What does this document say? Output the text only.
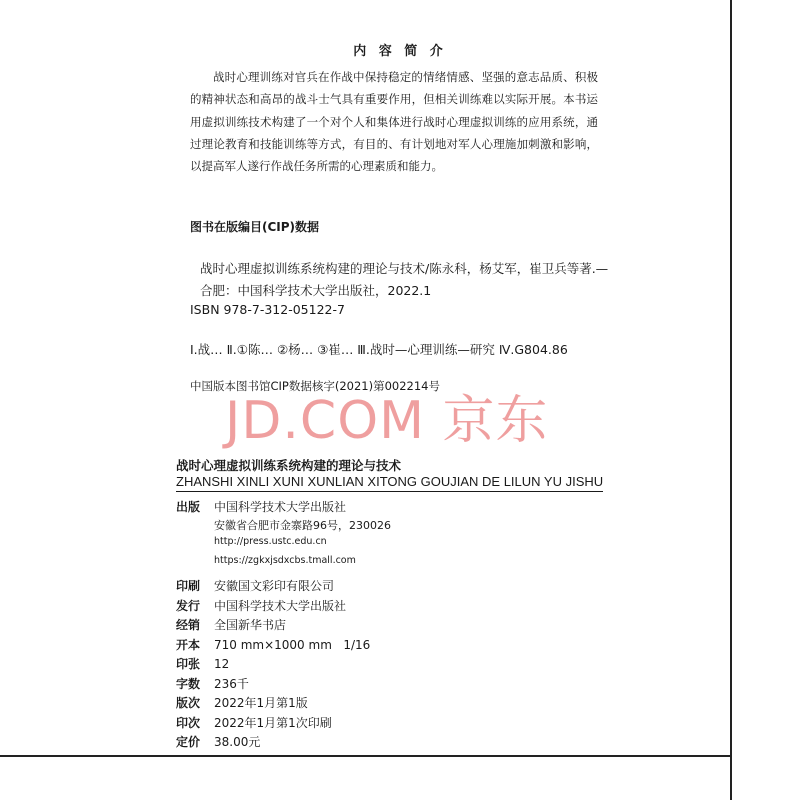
内 容 简 介
战时心理训练对官兵在作战中保持稳定的情绪情感、坚强的意志品质、积极的精神状态和高昂的战斗士气具有重要作用，但相关训练难以实际开展。本书运用虚拟训练技术构建了一个对个人和集体进行战时心理虚拟训练的应用系统，通过理论教育和技能训练等方式，有目的、有计划地对军人心理施加刺激和影响，以提高军人遂行作战任务所需的心理素质和能力。
图书在版编目(CIP)数据
战时心理虚拟训练系统构建的理论与技术/陈永科，杨艾军，崔卫兵等著.—合肥：中国科学技术大学出版社，2022.1
ISBN 978-7-312-05122-7
Ⅰ.战… Ⅱ.①陈… ②杨… ③崔… Ⅲ.战时—心理训练—研究 Ⅳ.G804.86
中国版本图书馆CIP数据核字(2021)第002214号
JD.COM 京东
战时心理虚拟训练系统构建的理论与技术
ZHANSHI XINLI XUNI XUNLIAN XITONG GOUJIAN DE LILUN YU JISHU
出版	中国科学技术大学出版社
安徽省合肥市金寨路96号，230026
http://press.ustc.edu.cn
https://zgkxjsdxcbs.tmall.com
印刷	安徽国文彩印有限公司
发行	中国科学技术大学出版社
经销	全国新华书店
开本	710 mm×1000 mm   1/16
印张	12
字数	236千
版次	2022年1月第1版
印次	2022年1月第1次印刷
定价	38.00元
